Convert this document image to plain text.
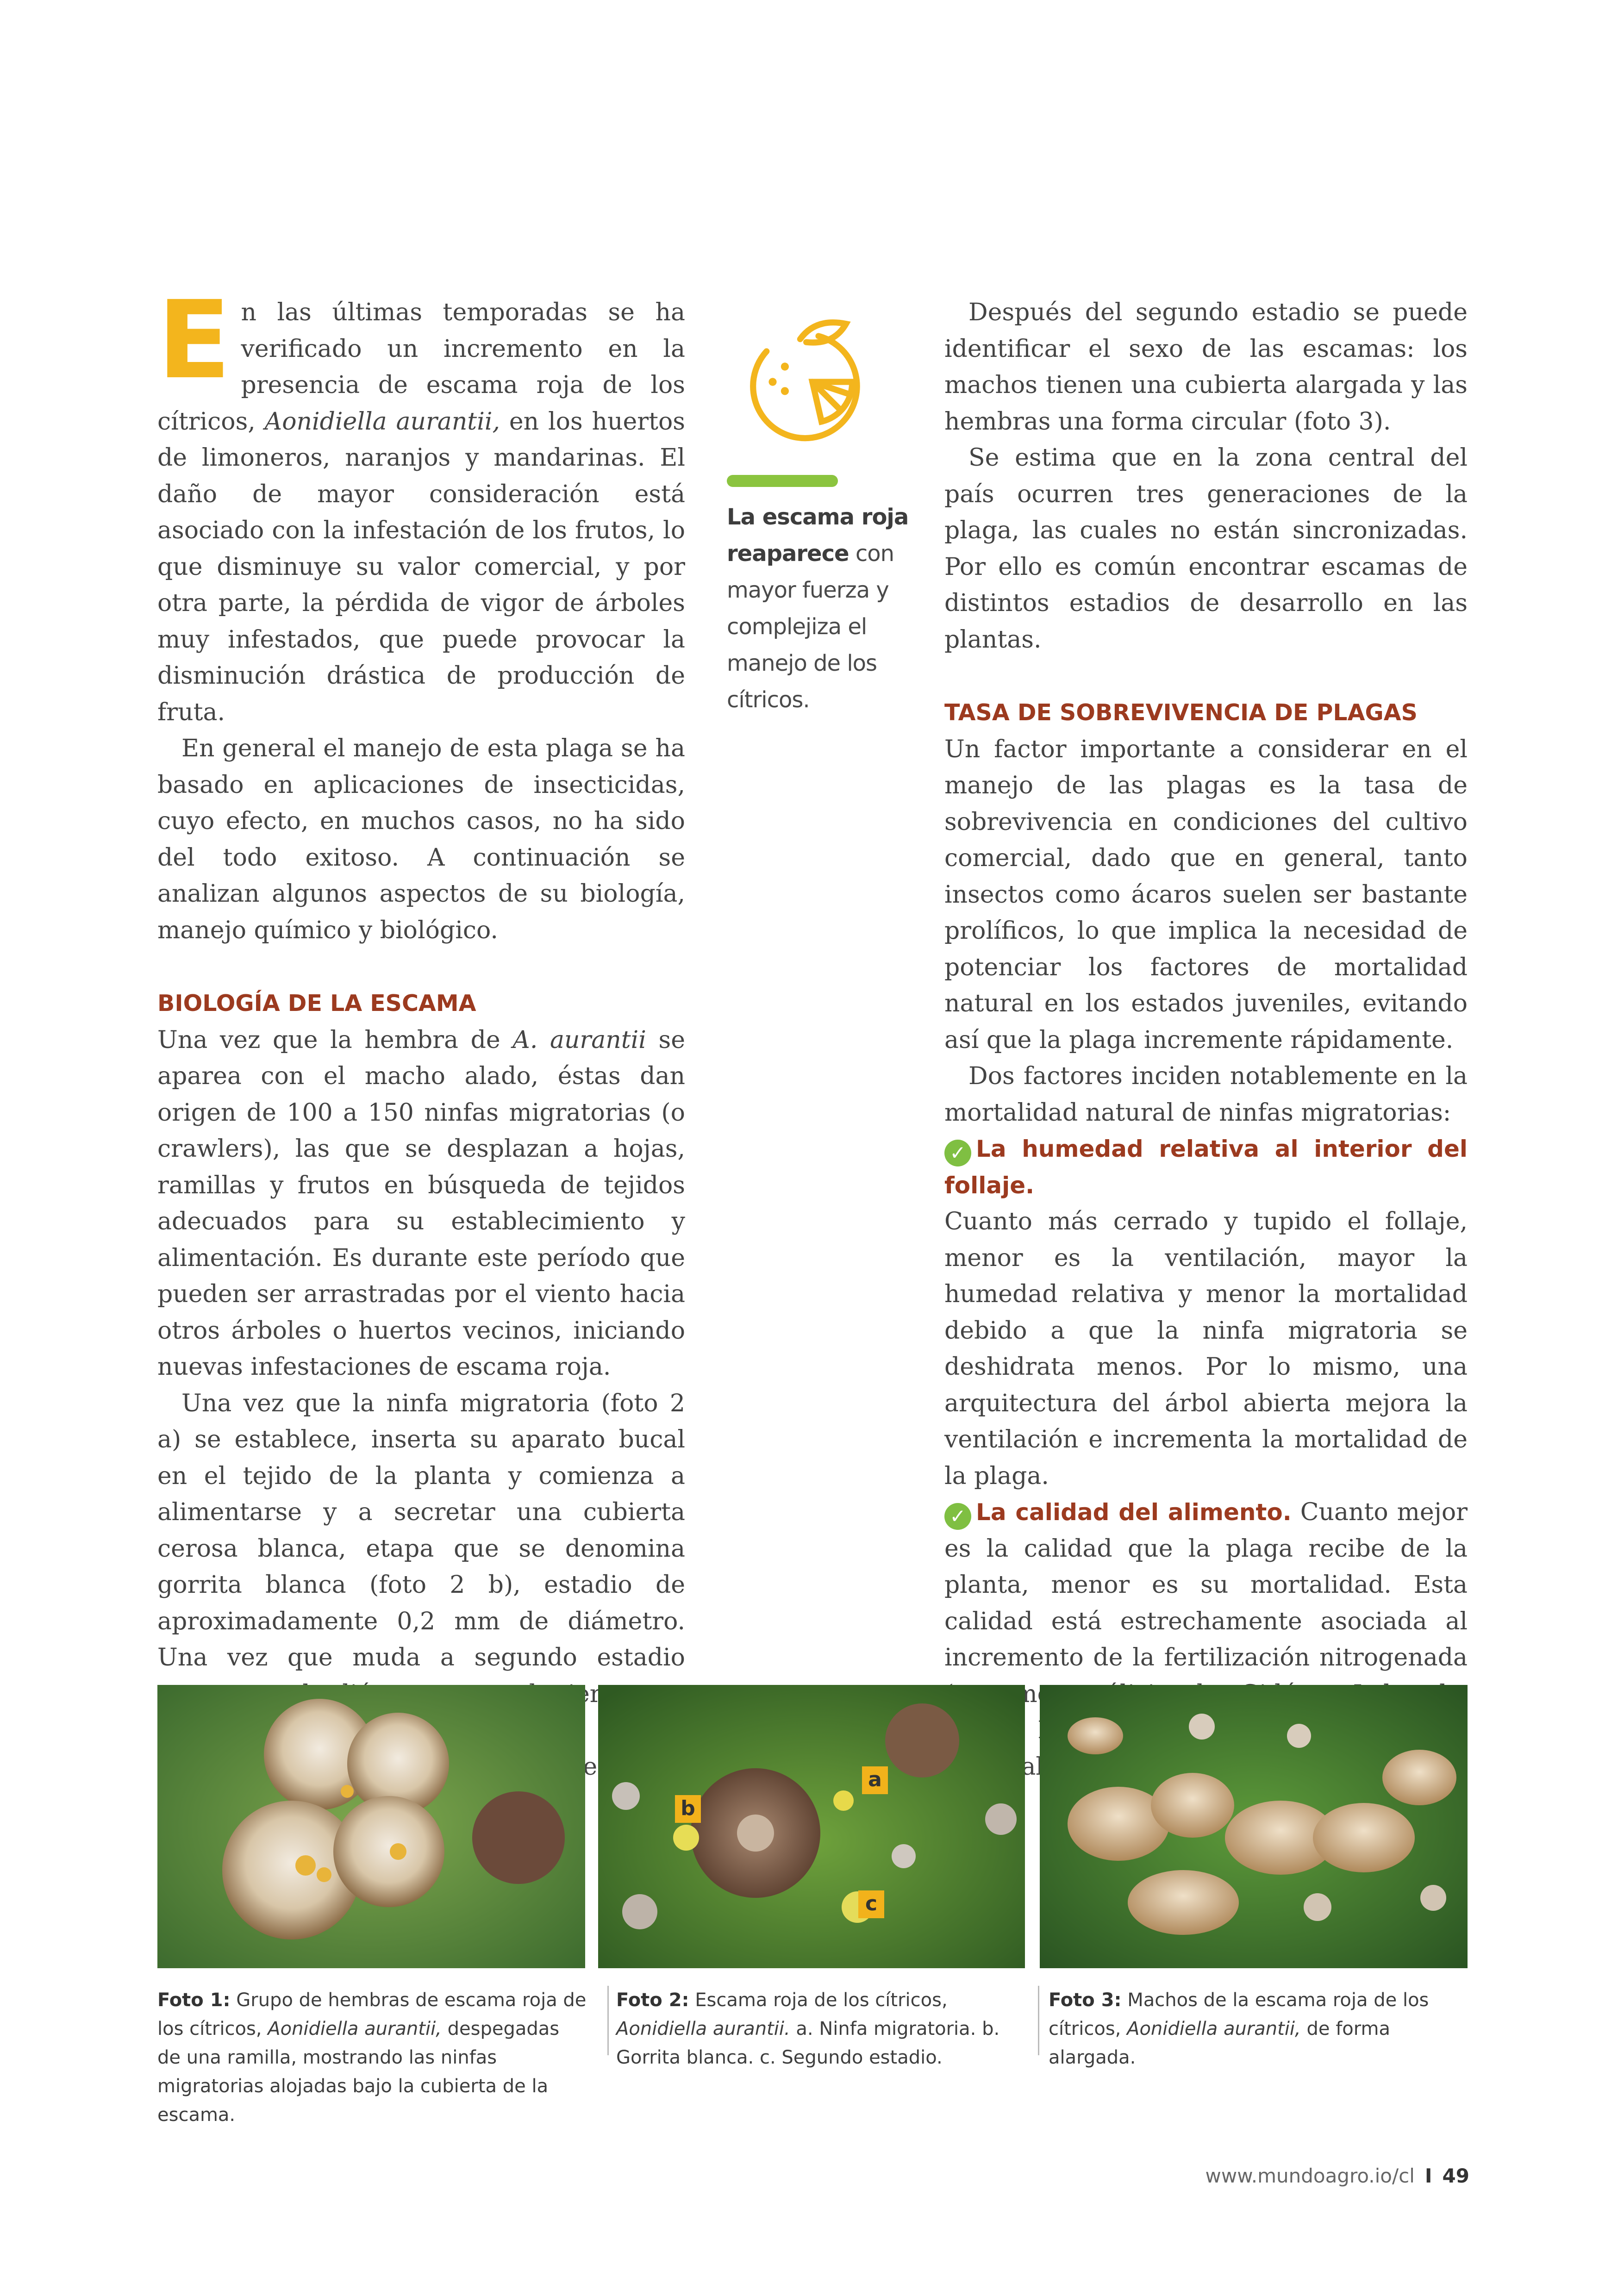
En las últimas temporadas se ha verificado un incremento en la presencia de escama roja de los cítricos, Aonidiella aurantii, en los huertos de limoneros, naranjos y mandarinas. El daño de mayor consideración está asociado con la infestación de los frutos, lo que disminuye su valor comercial, y por otra parte, la pérdida de vigor de árboles muy infestados, que puede provocar la disminución drástica de producción de fruta.

En general el manejo de esta plaga se ha basado en aplicaciones de insecticidas, cuyo efecto, en muchos casos, no ha sido del todo exitoso. A continuación se analizan algunos aspectos de su biología, manejo químico y biológico.

BIOLOGÍA DE LA ESCAMA

Una vez que la hembra de A. aurantii se aparea con el macho alado, éstas dan origen de 100 a 150 ninfas migratorias (o crawlers), las que se desplazan a hojas, ramillas y frutos en búsqueda de tejidos adecuados para su establecimiento y alimentación. Es durante este período que pueden ser arrastradas por el viento hacia otros árboles o huertos vecinos, iniciando nuevas infestaciones de escama roja.

Una vez que la ninfa migratoria (foto 2 a) se establece, inserta su aparato bucal en el tejido de la planta y comienza a alimentarse y a secretar una cubierta cerosa blanca, etapa que se denomina gorrita blanca (foto 2 b), estadio de aproximadamente 0,2 mm de diámetro. Una vez que muda a segundo estadio

La escama roja reaparece con mayor fuerza y complejiza el manejo de los cítricos.

Después del segundo estadio se puede identificar el sexo de las escamas: los machos tienen una cubierta alargada y las hembras una forma circular (foto 3).

Se estima que en la zona central del país ocurren tres generaciones de la plaga, las cuales no están sincronizadas. Por ello es común encontrar escamas de distintos estadios de desarrollo en las plantas.

TASA DE SOBREVIVENCIA DE PLAGAS

Un factor importante a considerar en el manejo de las plagas es la tasa de sobrevivencia en condiciones del cultivo comercial, dado que en general, tanto insectos como ácaros suelen ser bastante prolíficos, lo que implica la necesidad de potenciar los factores de mortalidad natural en los estados juveniles, evitando así que la plaga incremente rápidamente.

Dos factores inciden notablemente en la mortalidad natural de ninfas migratorias:

✓ La humedad relativa al interior del follaje.
Cuanto más cerrado y tupido el follaje, menor es la ventilación, mayor la humedad relativa y menor la mortalidad debido a que la ninfa migratoria se deshidrata menos. Por lo mismo, una arquitectura del árbol abierta mejora la ventilación e incrementa la mortalidad de la plaga.

✓ La calidad del alimento. Cuanto mejor es la calidad que la plaga recibe de la planta, menor es su mortalidad. Esta calidad está estrechamente asociada al incremento de la fertilización nitrogenada

b
a
c
Foto 1: Grupo de hembras de escama roja de los cítricos, Aonidiella aurantii, despegadas de una ramilla, mostrando las ninfas migratorias alojadas bajo la cubierta de la escama.
Foto 2: Escama roja de los cítricos, Aonidiella aurantii. a. Ninfa migratoria. b. Gorrita blanca. c. Segundo estadio.
Foto 3: Machos de la escama roja de los cítricos, Aonidiella aurantii, de forma alargada.
www.mundoagro.io/cl I 49
